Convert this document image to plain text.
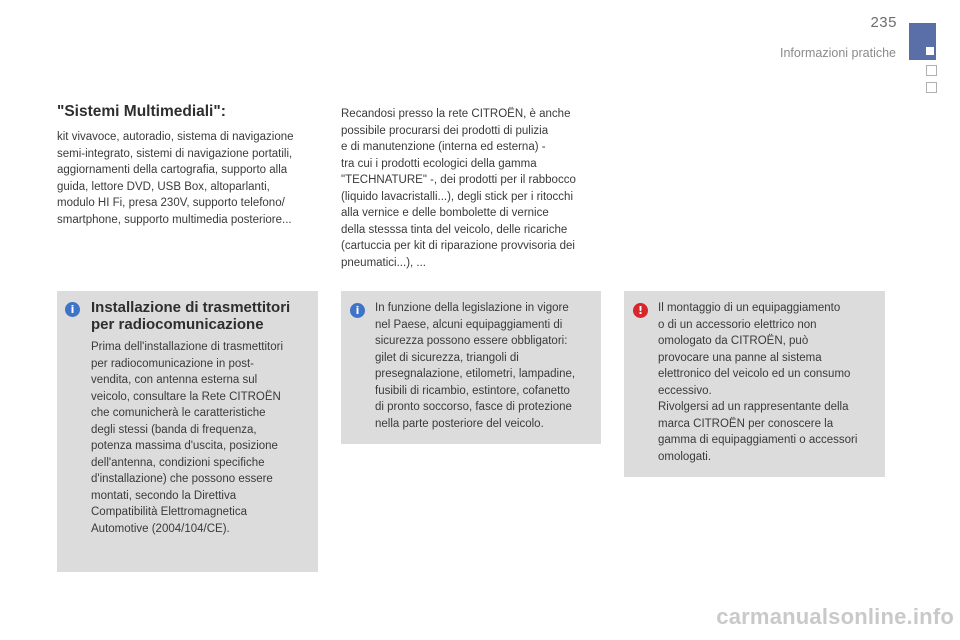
235
Informazioni pratiche
"Sistemi Multimediali":
kit vivavoce, autoradio, sistema di navigazione
semi-integrato, sistemi di navigazione portatili,
aggiornamenti della cartografia, supporto alla
guida, lettore DVD, USB Box, altoparlanti,
modulo HI Fi, presa 230V, supporto telefono/
smartphone, supporto multimedia posteriore...
Recandosi presso la rete CITROËN, è anche
possibile procurarsi dei prodotti di pulizia
e di manutenzione (interna ed esterna) -
tra cui i prodotti ecologici della gamma
"TECHNATURE" -, dei prodotti per il rabbocco
(liquido lavacristalli...), degli stick per i ritocchi
alla vernice e delle bombolette di vernice
della stesssa tinta del veicolo, delle ricariche
(cartuccia per kit di riparazione provvisoria dei
pneumatici...), ...
i	Installazione di trasmettitori
per radiocomunicazione
Prima dell'installazione di trasmettitori
per radiocomunicazione in post-
vendita, con antenna esterna sul
veicolo, consultare la Rete CITROËN
che comunicherà le caratteristiche
degli stessi (banda di frequenza,
potenza massima d'uscita, posizione
dell'antenna, condizioni specifiche
d'installazione) che possono essere
montati, secondo la Direttiva
Compatibilità Elettromagnetica
Automotive (2004/104/CE).
i	In funzione della legislazione in vigore
nel Paese, alcuni equipaggiamenti di
sicurezza possono essere obbligatori:
gilet di sicurezza, triangoli di
presegnalazione, etilometri, lampadine,
fusibili di ricambio, estintore, cofanetto
di pronto soccorso, fasce di protezione
nella parte posteriore del veicolo.
!	Il montaggio di un equipaggiamento
o di un accessorio elettrico non
omologato da CITROËN, può
provocare una panne al sistema
elettronico del veicolo ed un consumo
eccessivo.
Rivolgersi ad un rappresentante della
marca CITROËN per conoscere la
gamma di equipaggiamenti o accessori
omologati.
carmanualsonline.info
